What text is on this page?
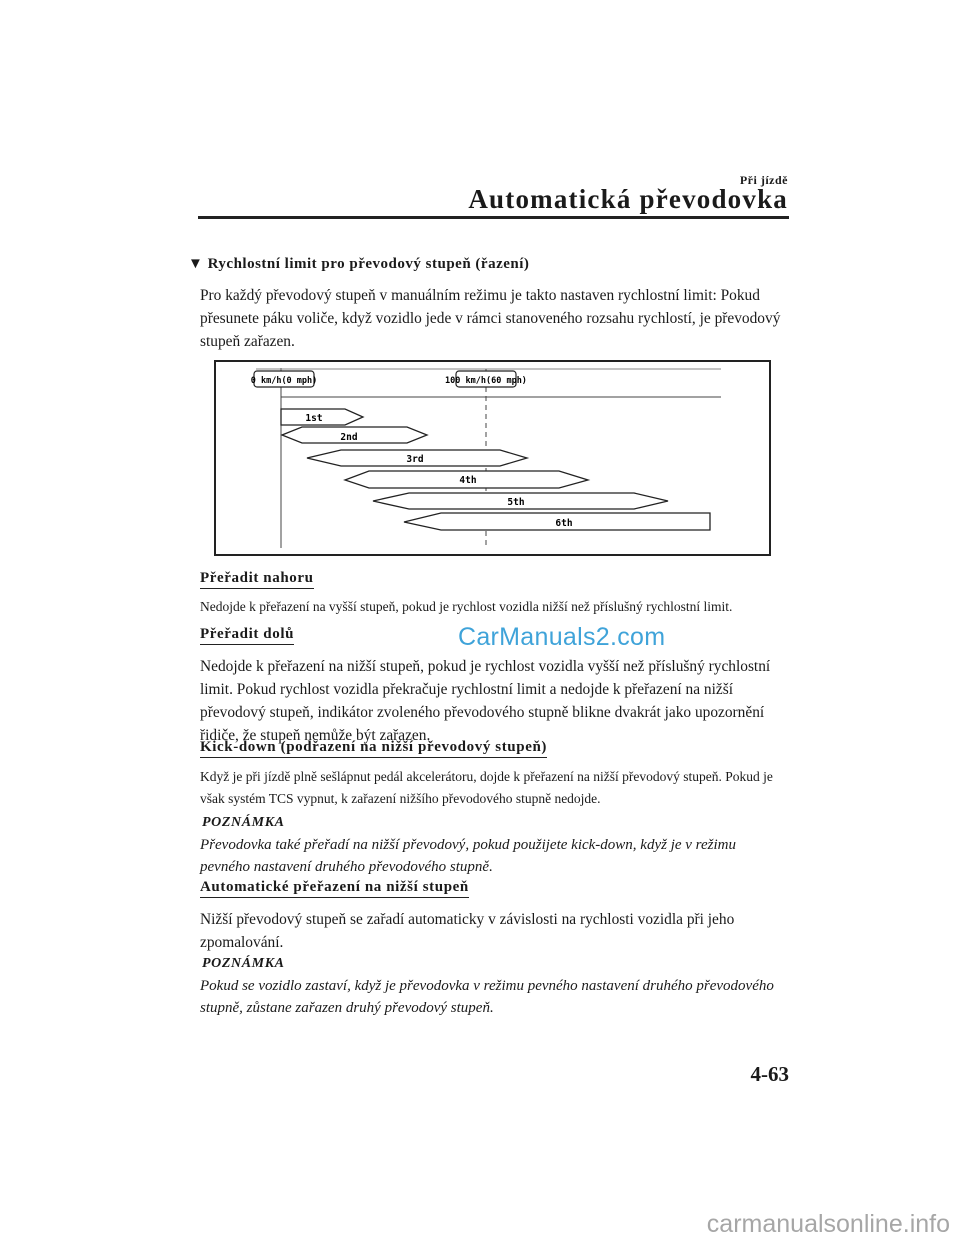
Při jízdě
Automatická převodovka
▼ Rychlostní limit pro převodový stupeň (řazení)
Pro každý převodový stupeň v manuálním režimu je takto nastaven rychlostní limit: Pokud přesunete páku voliče, když vozidlo jede v rámci stanoveného rozsahu rychlostí, je převodový stupeň zařazen.
0 km/h(0 mph)	100 km/h(60 mph)
1st
2nd
3rd
4th
5th
6th
Přeřadit nahoru
Nedojde k přeřazení na vyšší stupeň, pokud je rychlost vozidla nižší než příslušný rychlostní limit.
Přeřadit dolů	CarManuals2.com
Nedojde k přeřazení na nižší stupeň, pokud je rychlost vozidla vyšší než příslušný rychlostní limit. Pokud rychlost vozidla překračuje rychlostní limit a nedojde k přeřazení na nižší převodový stupeň, indikátor zvoleného převodového stupně blikne dvakrát jako upozornění řidiče, že stupeň nemůže být zařazen.
Kick-down (podřazení na nižší převodový stupeň)
Když je při jízdě plně sešlápnut pedál akcelerátoru, dojde k přeřazení na nižší převodový stupeň. Pokud je však systém TCS vypnut, k zařazení nižšího převodového stupně nedojde.
POZNÁMKA
Převodovka také přeřadí na nižší převodový, pokud použijete kick-down, když je v režimu pevného nastavení druhého převodového stupně.
Automatické přeřazení na nižší stupeň
Nižší převodový stupeň se zařadí automaticky v závislosti na rychlosti vozidla při jeho zpomalování.
POZNÁMKA
Pokud se vozidlo zastaví, když je převodovka v režimu pevného nastavení druhého převodového stupně, zůstane zařazen druhý převodový stupeň.
4-63
carmanualsonline.info
